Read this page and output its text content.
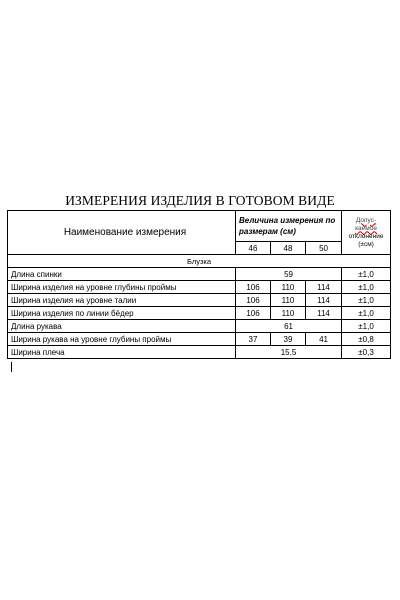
ИЗМЕРЕНИЯ ИЗДЕЛИЯ В ГОТОВОМ ВИДЕ
Наименование измерения	Величина измерения по размерам (см)			Допус-каемое
отклонение
(±см)

	46	48	50	
Блузка				
Длина спинки	59			±1,0
Ширина изделия на уровне глубины проймы	106	110	114	±1,0
Ширина изделия на уровне талии	106	110	114	±1,0
Ширина изделия по линии бёдер	106	110	114	±1,0
Длина рукава	61			±1,0
Ширина рукава на уровне глубины проймы	37	39	41	±0,8
Ширина плеча	15.5			±0,3
